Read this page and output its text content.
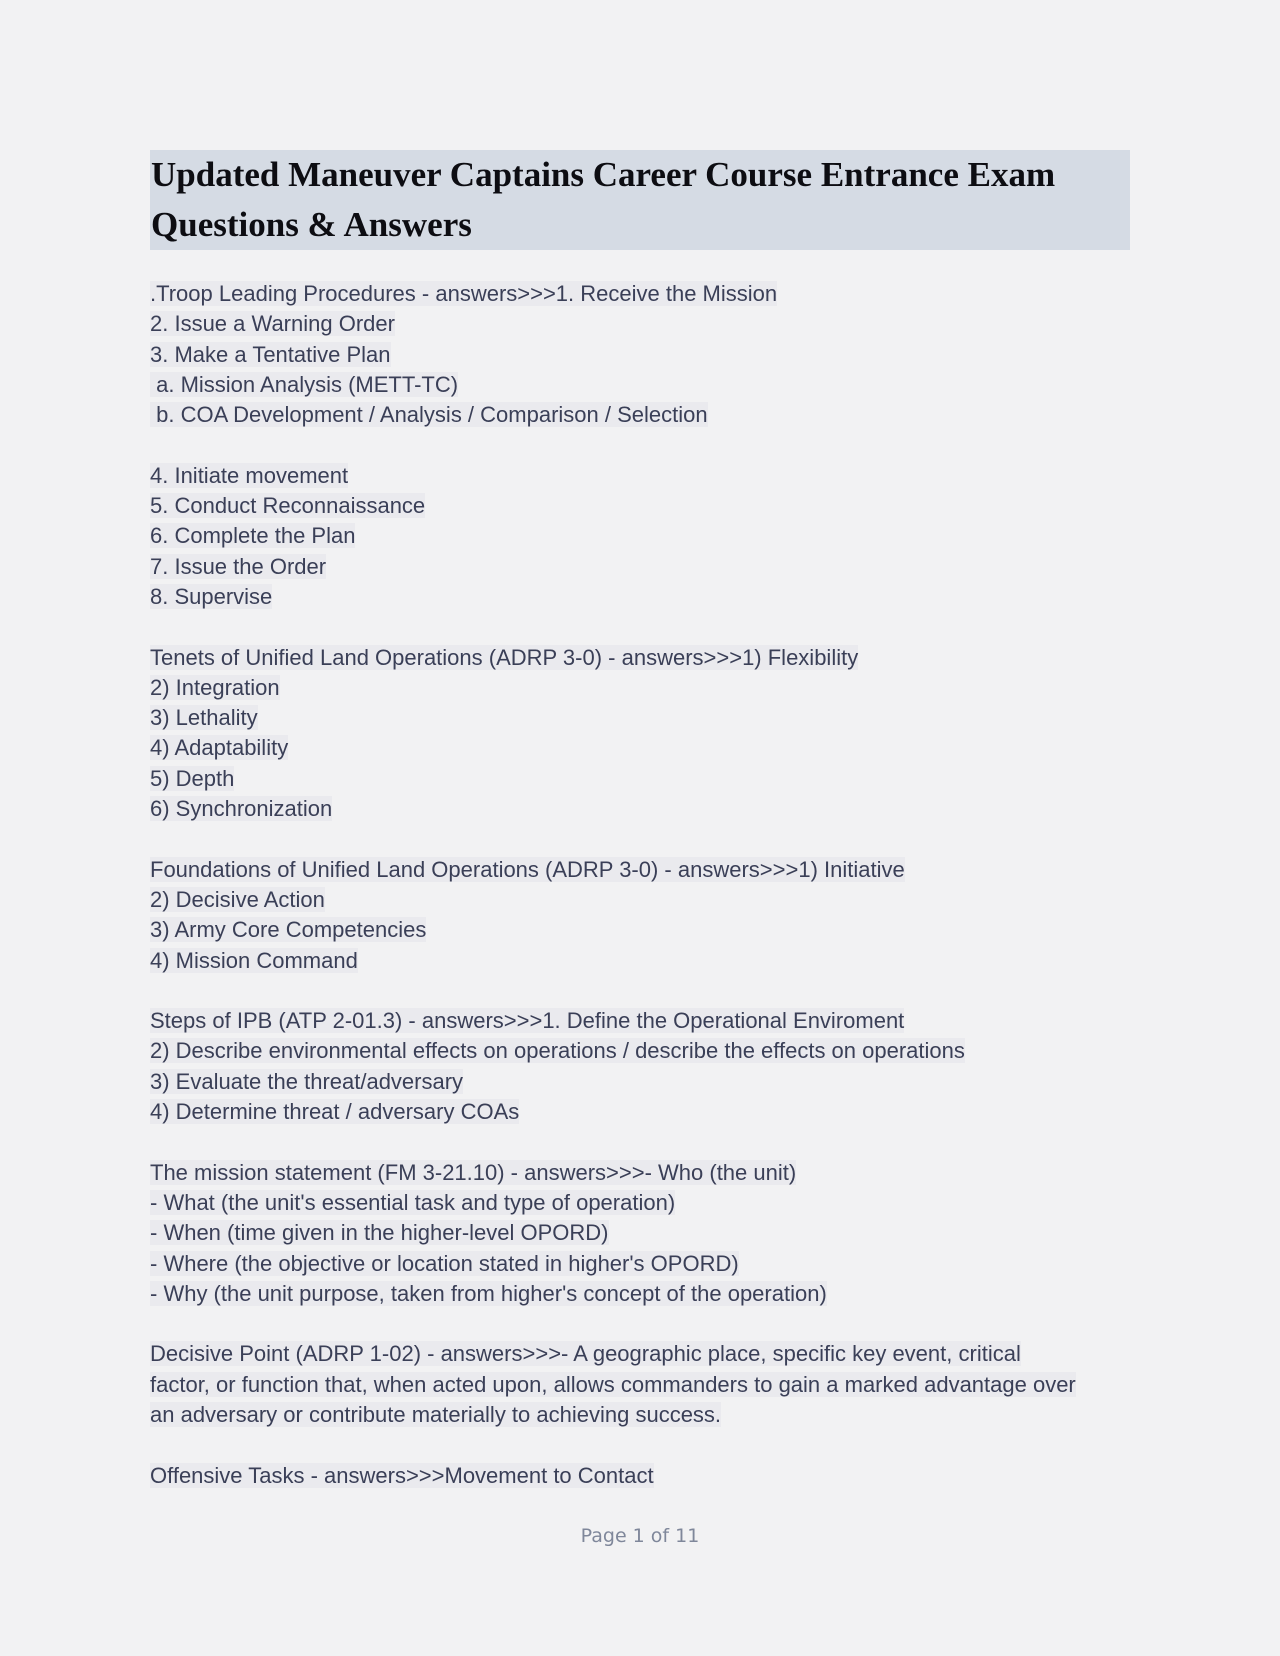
Updated Maneuver Captains Career Course Entrance Exam
Questions & Answers
.Troop Leading Procedures - answers>>>1. Receive the Mission
2. Issue a Warning Order
3. Make a Tentative Plan
a. Mission Analysis (METT-TC)
b. COA Development / Analysis / Comparison / Selection
4. Initiate movement
5. Conduct Reconnaissance
6. Complete the Plan
7. Issue the Order
8. Supervise
Tenets of Unified Land Operations (ADRP 3-0) - answers>>>1) Flexibility
2) Integration
3) Lethality
4) Adaptability
5) Depth
6) Synchronization
Foundations of Unified Land Operations (ADRP 3-0) - answers>>>1) Initiative
2) Decisive Action
3) Army Core Competencies
4) Mission Command
Steps of IPB (ATP 2-01.3) - answers>>>1. Define the Operational Enviroment
2) Describe environmental effects on operations / describe the effects on operations
3) Evaluate the threat/adversary
4) Determine threat / adversary COAs
The mission statement (FM 3-21.10) - answers>>>- Who (the unit)
- What (the unit's essential task and type of operation)
- When (time given in the higher-level OPORD)
- Where (the objective or location stated in higher's OPORD)
- Why (the unit purpose, taken from higher's concept of the operation)
Decisive Point (ADRP 1-02) - answers>>>- A geographic place, specific key event, critical
factor, or function that, when acted upon, allows commanders to gain a marked advantage over
an adversary or contribute materially to achieving success.
Offensive Tasks - answers>>>Movement to Contact

Page 1 of 11
